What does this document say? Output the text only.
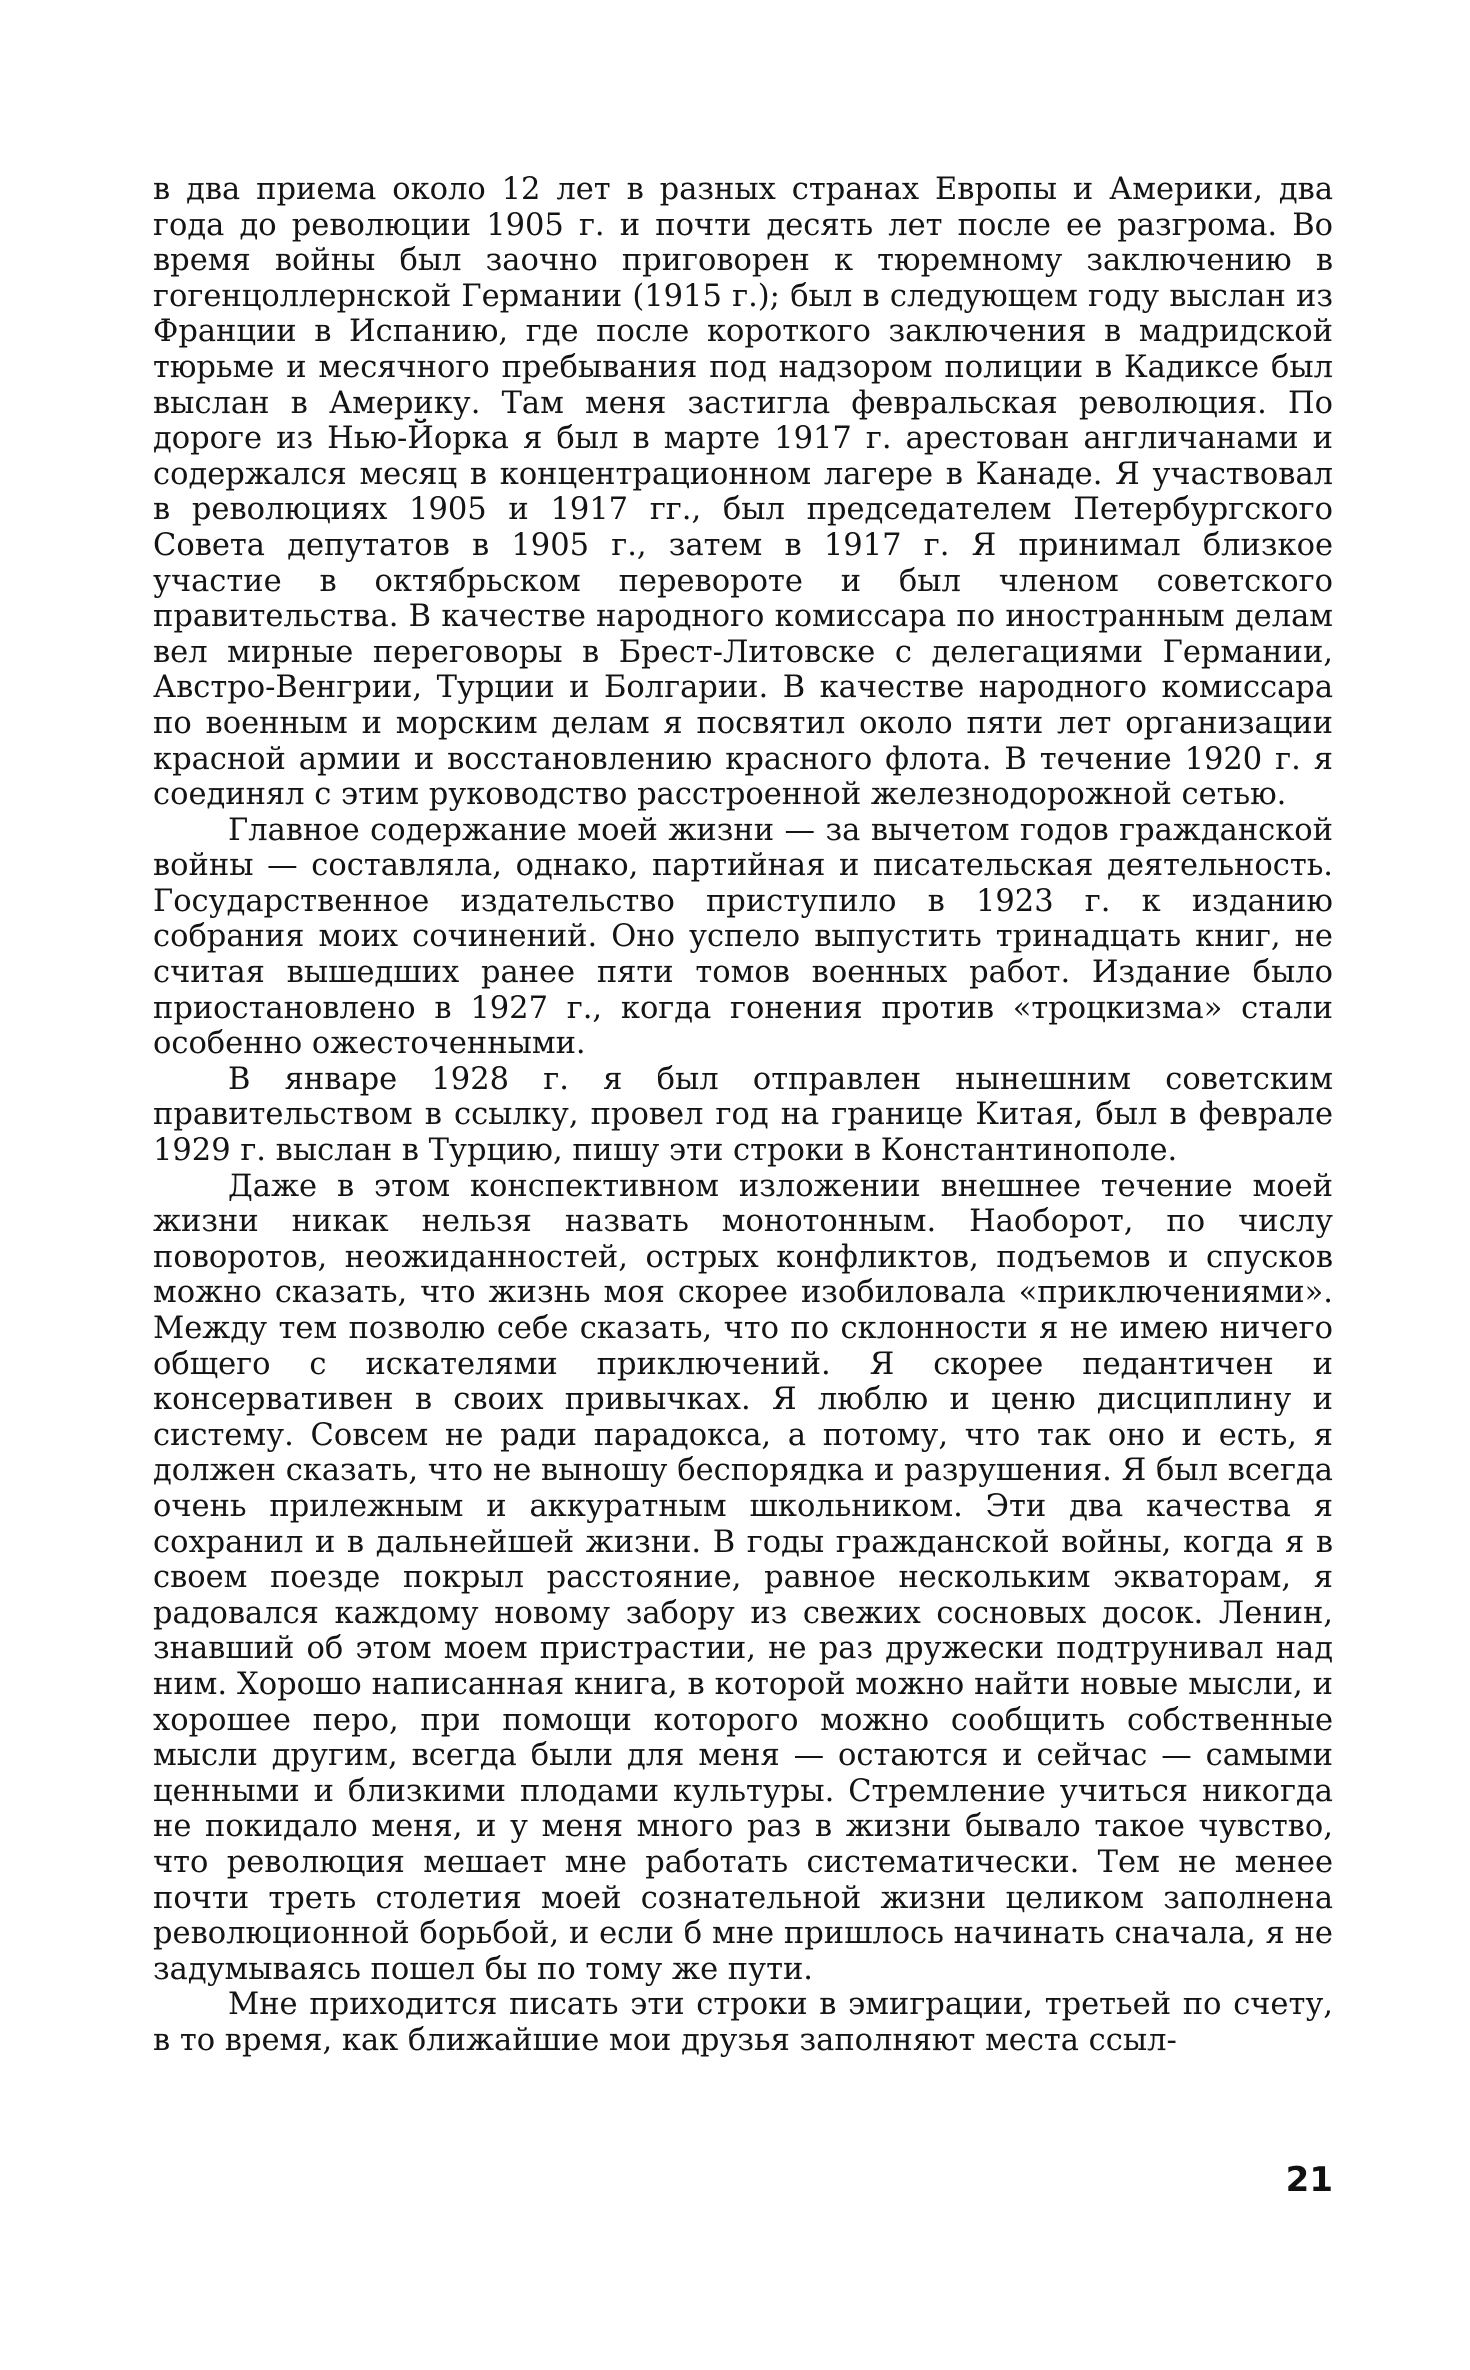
в два приема около 12 лет в разных странах Европы и Америки, два года до революции 1905 г. и почти десять лет после ее разгрома. Во время войны был заочно приговорен к тюремному заключению в гогенцоллернской Германии (1915 г.); был в следующем году выслан из Франции в Испанию, где после короткого заключения в мадридской тюрьме и месячного пребывания под надзором полиции в Кадиксе был выслан в Америку. Там меня застигла февральская революция. По дороге из Нью-Йорка я был в марте 1917 г. арестован англичанами и содержался месяц в концентрационном лагере в Канаде. Я участвовал в революциях 1905 и 1917 гг., был председателем Петербургского Совета депутатов в 1905 г., затем в 1917 г. Я принимал близкое участие в октябрьском перевороте и был членом советского правительства. В качестве народного комиссара по иностранным делам вел мирные переговоры в Брест-Литовске с делегациями Германии, Австро-Венгрии, Турции и Болгарии. В качестве народного комиссара по военным и морским делам я посвятил около пяти лет организации красной армии и восстановлению красного флота. В течение 1920 г. я соединял с этим руководство расстроенной железнодорожной сетью.

Главное содержание моей жизни — за вычетом годов гражданской войны — составляла, однако, партийная и писательская деятельность. Государственное издательство приступило в 1923 г. к изданию собрания моих сочинений. Оно успело выпустить тринадцать книг, не считая вышедших ранее пяти томов военных работ. Издание было приостановлено в 1927 г., когда гонения против «троцкизма» стали особенно ожесточенными.

В январе 1928 г. я был отправлен нынешним советским правительством в ссылку, провел год на границе Китая, был в феврале 1929 г. выслан в Турцию, пишу эти строки в Константинополе.

Даже в этом конспективном изложении внешнее течение моей жизни никак нельзя назвать монотонным. Наоборот, по числу поворотов, неожиданностей, острых конфликтов, подъемов и спусков можно сказать, что жизнь моя скорее изобиловала «приключениями». Между тем позволю себе сказать, что по склонности я не имею ничего общего с искателями приключений. Я скорее педантичен и консервативен в своих привычках. Я люблю и ценю дисциплину и систему. Совсем не ради парадокса, а потому, что так оно и есть, я должен сказать, что не выношу беспорядка и разрушения. Я был всегда очень прилежным и аккуратным школьником. Эти два качества я сохранил и в дальнейшей жизни. В годы гражданской войны, когда я в своем поезде покрыл расстояние, равное нескольким экваторам, я радовался каждому новому забору из свежих сосновых досок. Ленин, знавший об этом моем пристрастии, не раз дружески подтрунивал над ним. Хорошо написанная книга, в которой можно найти новые мысли, и хорошее перо, при помощи которого можно сообщить собственные мысли другим, всегда были для меня — остаются и сейчас — самыми ценными и близкими плодами культуры. Стремление учиться никогда не покидало меня, и у меня много раз в жизни бывало такое чувство, что революция мешает мне работать систематически. Тем не менее почти треть столетия моей сознательной жизни целиком заполнена революционной борьбой, и если б мне пришлось начинать сначала, я не задумываясь пошел бы по тому же пути.

Мне приходится писать эти строки в эмиграции, третьей по счету, в то время, как ближайшие мои друзья заполняют места ссыл-

21
